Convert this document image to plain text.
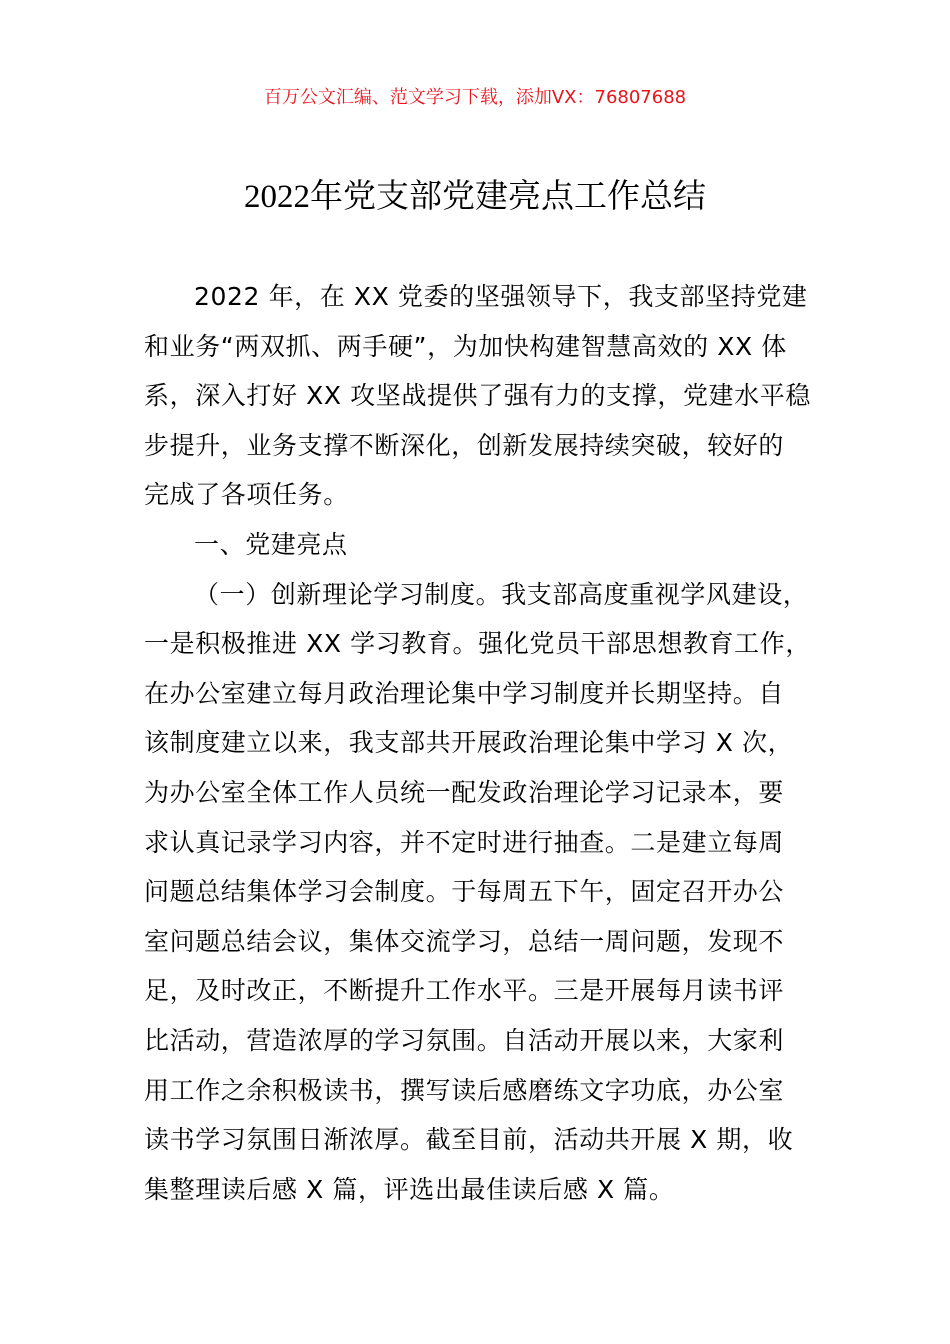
百万公文汇编、范文学习下载，添加VX：76807688
2022年党支部党建亮点工作总结
2022 年，在 XX 党委的坚强领导下，我支部坚持党建
和业务“两双抓、两手硬”，为加快构建智慧高效的 XX 体
系，深入打好 XX 攻坚战提供了强有力的支撑，党建水平稳
步提升，业务支撑不断深化，创新发展持续突破，较好的
完成了各项任务。
一、党建亮点
（一）创新理论学习制度。我支部高度重视学风建设，
一是积极推进 XX 学习教育。强化党员干部思想教育工作，
在办公室建立每月政治理论集中学习制度并长期坚持。自
该制度建立以来，我支部共开展政治理论集中学习 X 次，
为办公室全体工作人员统一配发政治理论学习记录本，要
求认真记录学习内容，并不定时进行抽查。二是建立每周
问题总结集体学习会制度。于每周五下午，固定召开办公
室问题总结会议，集体交流学习，总结一周问题，发现不
足，及时改正，不断提升工作水平。三是开展每月读书评
比活动，营造浓厚的学习氛围。自活动开展以来，大家利
用工作之余积极读书，撰写读后感磨练文字功底，办公室
读书学习氛围日渐浓厚。截至目前，活动共开展 X 期，收
集整理读后感 X 篇，评选出最佳读后感 X 篇。
